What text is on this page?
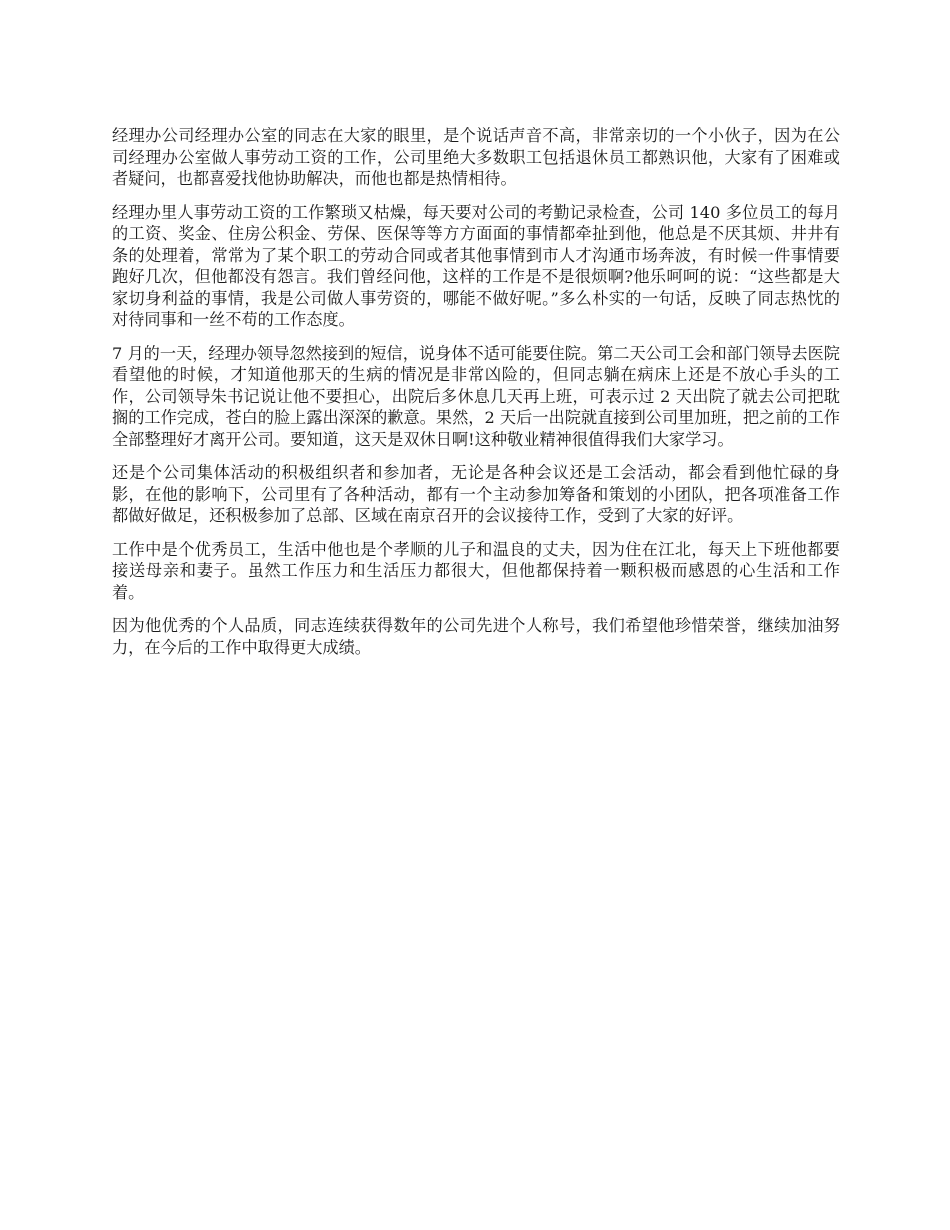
经理办公司经理办公室的同志在大家的眼里，是个说话声音不高，非常亲切的一个小伙子，因为在公司经理办公室做人事劳动工资的工作，公司里绝大多数职工包括退休员工都熟识他，大家有了困难或者疑问，也都喜爱找他协助解决，而他也都是热情相待。

经理办里人事劳动工资的工作繁琐又枯燥，每天要对公司的考勤记录检查，公司 140 多位员工的每月的工资、奖金、住房公积金、劳保、医保等等方方面面的事情都牵扯到他，他总是不厌其烦、井井有条的处理着，常常为了某个职工的劳动合同或者其他事情到市人才沟通市场奔波，有时候一件事情要跑好几次，但他都没有怨言。我们曾经问他，这样的工作是不是很烦啊?他乐呵呵的说：“这些都是大家切身利益的事情，我是公司做人事劳资的，哪能不做好呢。”多么朴实的一句话，反映了同志热忱的对待同事和一丝不苟的工作态度。

7 月的一天，经理办领导忽然接到的短信，说身体不适可能要住院。第二天公司工会和部门领导去医院看望他的时候，才知道他那天的生病的情况是非常凶险的，但同志躺在病床上还是不放心手头的工作，公司领导朱书记说让他不要担心，出院后多休息几天再上班，可表示过 2 天出院了就去公司把耽搁的工作完成，苍白的脸上露出深深的歉意。果然，2 天后一出院就直接到公司里加班，把之前的工作全部整理好才离开公司。要知道，这天是双休日啊!这种敬业精神很值得我们大家学习。

还是个公司集体活动的积极组织者和参加者，无论是各种会议还是工会活动，都会看到他忙碌的身影，在他的影响下，公司里有了各种活动，都有一个主动参加筹备和策划的小团队，把各项准备工作都做好做足，还积极参加了总部、区域在南京召开的会议接待工作，受到了大家的好评。

工作中是个优秀员工，生活中他也是个孝顺的儿子和温良的丈夫，因为住在江北，每天上下班他都要接送母亲和妻子。虽然工作压力和生活压力都很大，但他都保持着一颗积极而感恩的心生活和工作着。

因为他优秀的个人品质，同志连续获得数年的公司先进个人称号，我们希望他珍惜荣誉，继续加油努力，在今后的工作中取得更大成绩。
